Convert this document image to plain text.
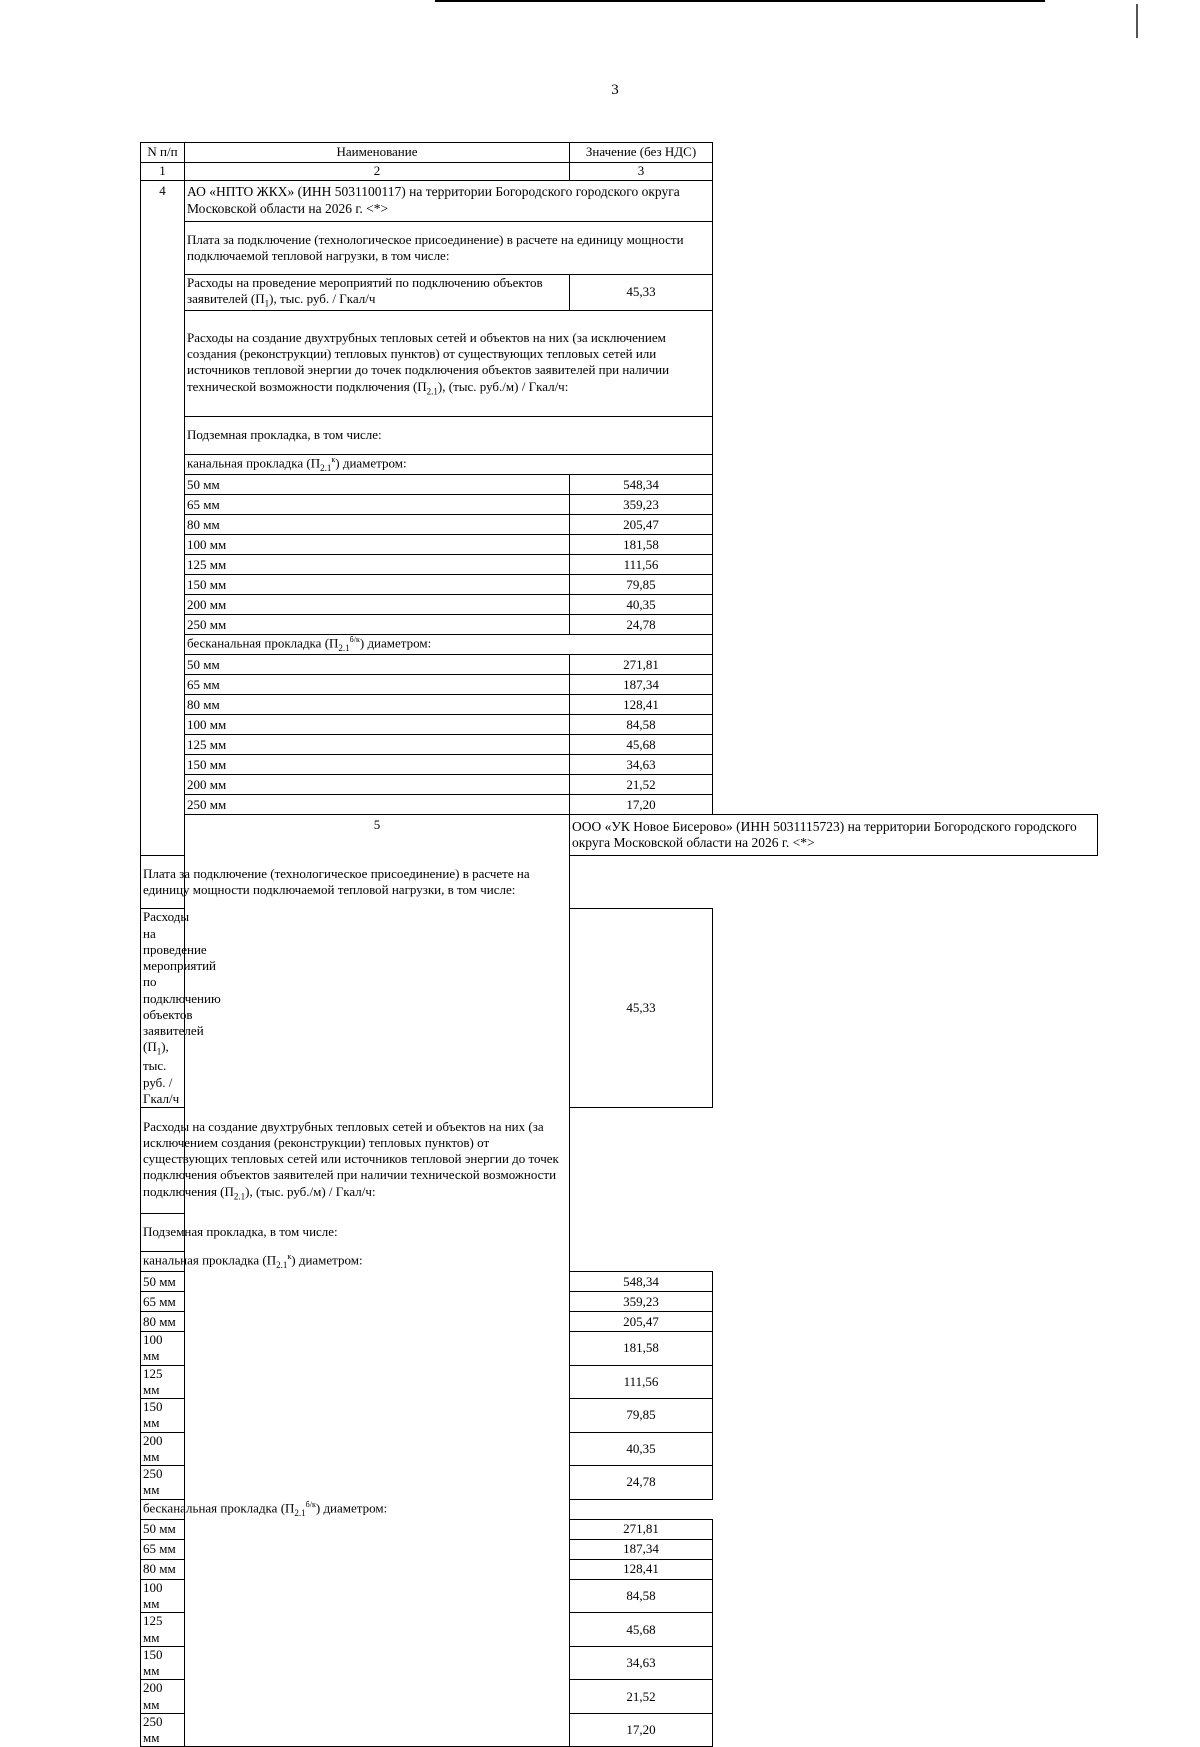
3
N п/п	Наименование	Значение (без НДС)
1	2	3
4	АО «НПТО ЖКХ» (ИНН 5031100117) на территории Богородского городского округа Московской области на 2026 г. <*>	
	Плата за подключение (технологическое присоединение) в расчете на единицу мощности подключаемой тепловой нагрузки, в том числе:	
	Расходы на проведение мероприятий по подключению объектов заявителей $(П_1)$, тыс. руб. / Гкал/ч	45,33
	Расходы на создание двухтрубных тепловых сетей и объектов на них (за исключением создания (реконструкции) тепловых пунктов) от существующих тепловых сетей или источников тепловой энергии до точек подключения объектов заявителей при наличии технической возможности подключения $(П_{2.1})$, (тыс. руб./м) / Гкал/ч:	
	Подземная прокладка, в том числе:	
	канальная прокладка $(П_{2.1}^к)$ диаметром:	
	50 мм	548,34
	65 мм	359,23
	80 мм	205,47
	100 мм	181,58
	125 мм	111,56
	150 мм	79,85
	200 мм	40,35
	250 мм	24,78
	бесканальная прокладка $(П_{2.1}^{б/к})$ диаметром:	
	50 мм	271,81
	65 мм	187,34
	80 мм	128,41
	100 мм	84,58
	125 мм	45,68
	150 мм	34,63
	200 мм	21,52
	250 мм	17,20
	5	ООО «УК Новое Бисерово» (ИНН 5031115723) на территории Богородского городского округа Московской области на 2026 г. <*>
Плата за подключение (технологическое присоединение) в расчете на единицу мощности подключаемой тепловой нагрузки, в том числе:		
Расходы на проведение мероприятий по подключению объектов заявителей $(П_1)$, тыс. руб. / Гкал/ч		45,33
Расходы на создание двухтрубных тепловых сетей и объектов на них (за исключением создания (реконструкции) тепловых пунктов) от существующих тепловых сетей или источников тепловой энергии до точек подключения объектов заявителей при наличии технической возможности подключения $(П_{2.1})$, (тыс. руб./м) / Гкал/ч:		
Подземная прокладка, в том числе:		
канальная прокладка $(П_{2.1}^к)$ диаметром:		
50 мм		548,34
65 мм		359,23
80 мм		205,47
100 мм		181,58
125 мм		111,56
150 мм		79,85
200 мм		40,35
250 мм		24,78
бесканальная прокладка $(П_{2.1}^{б/к})$ диаметром:		
50 мм		271,81
65 мм		187,34
80 мм		128,41
100 мм		84,58
125 мм		45,68
150 мм		34,63
200 мм		21,52
250 мм		17,20
